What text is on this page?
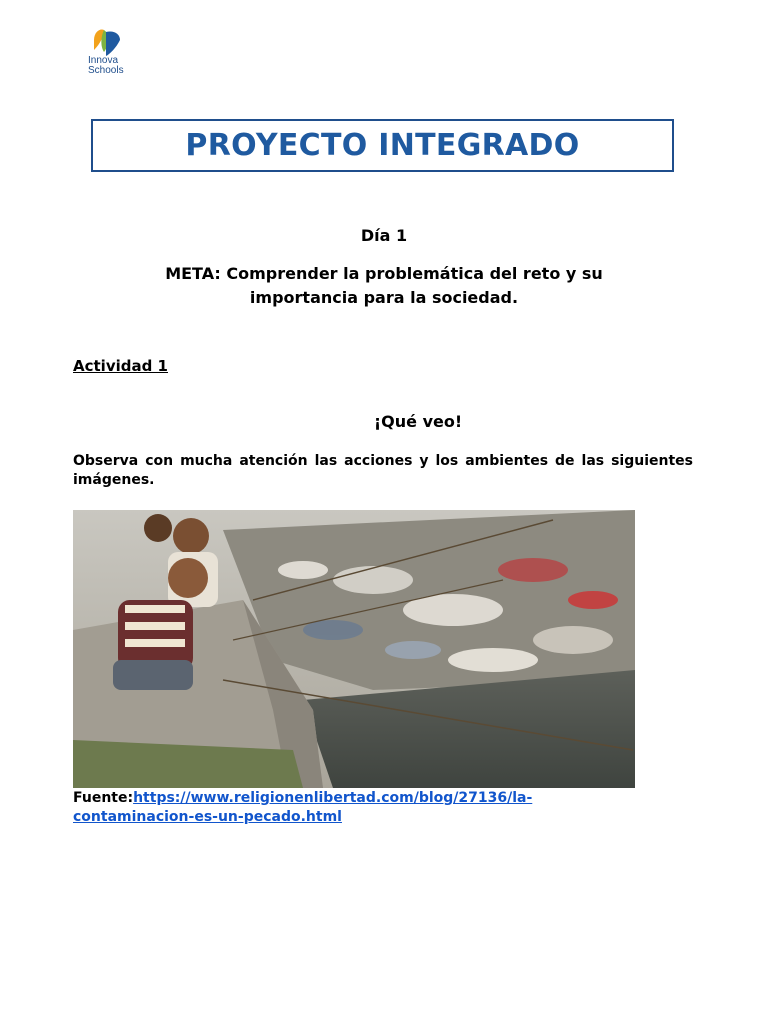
Innova
Schools
PROYECTO INTEGRADO
Día 1
META: Comprender la problemática del reto y su importancia para la sociedad.
Actividad 1
¡Qué veo!
Observa con mucha atención las acciones y los ambientes de las siguientes imágenes.
Fuente:https://www.religionenlibertad.com/blog/27136/la-contaminacion-es-un-pecado.html
